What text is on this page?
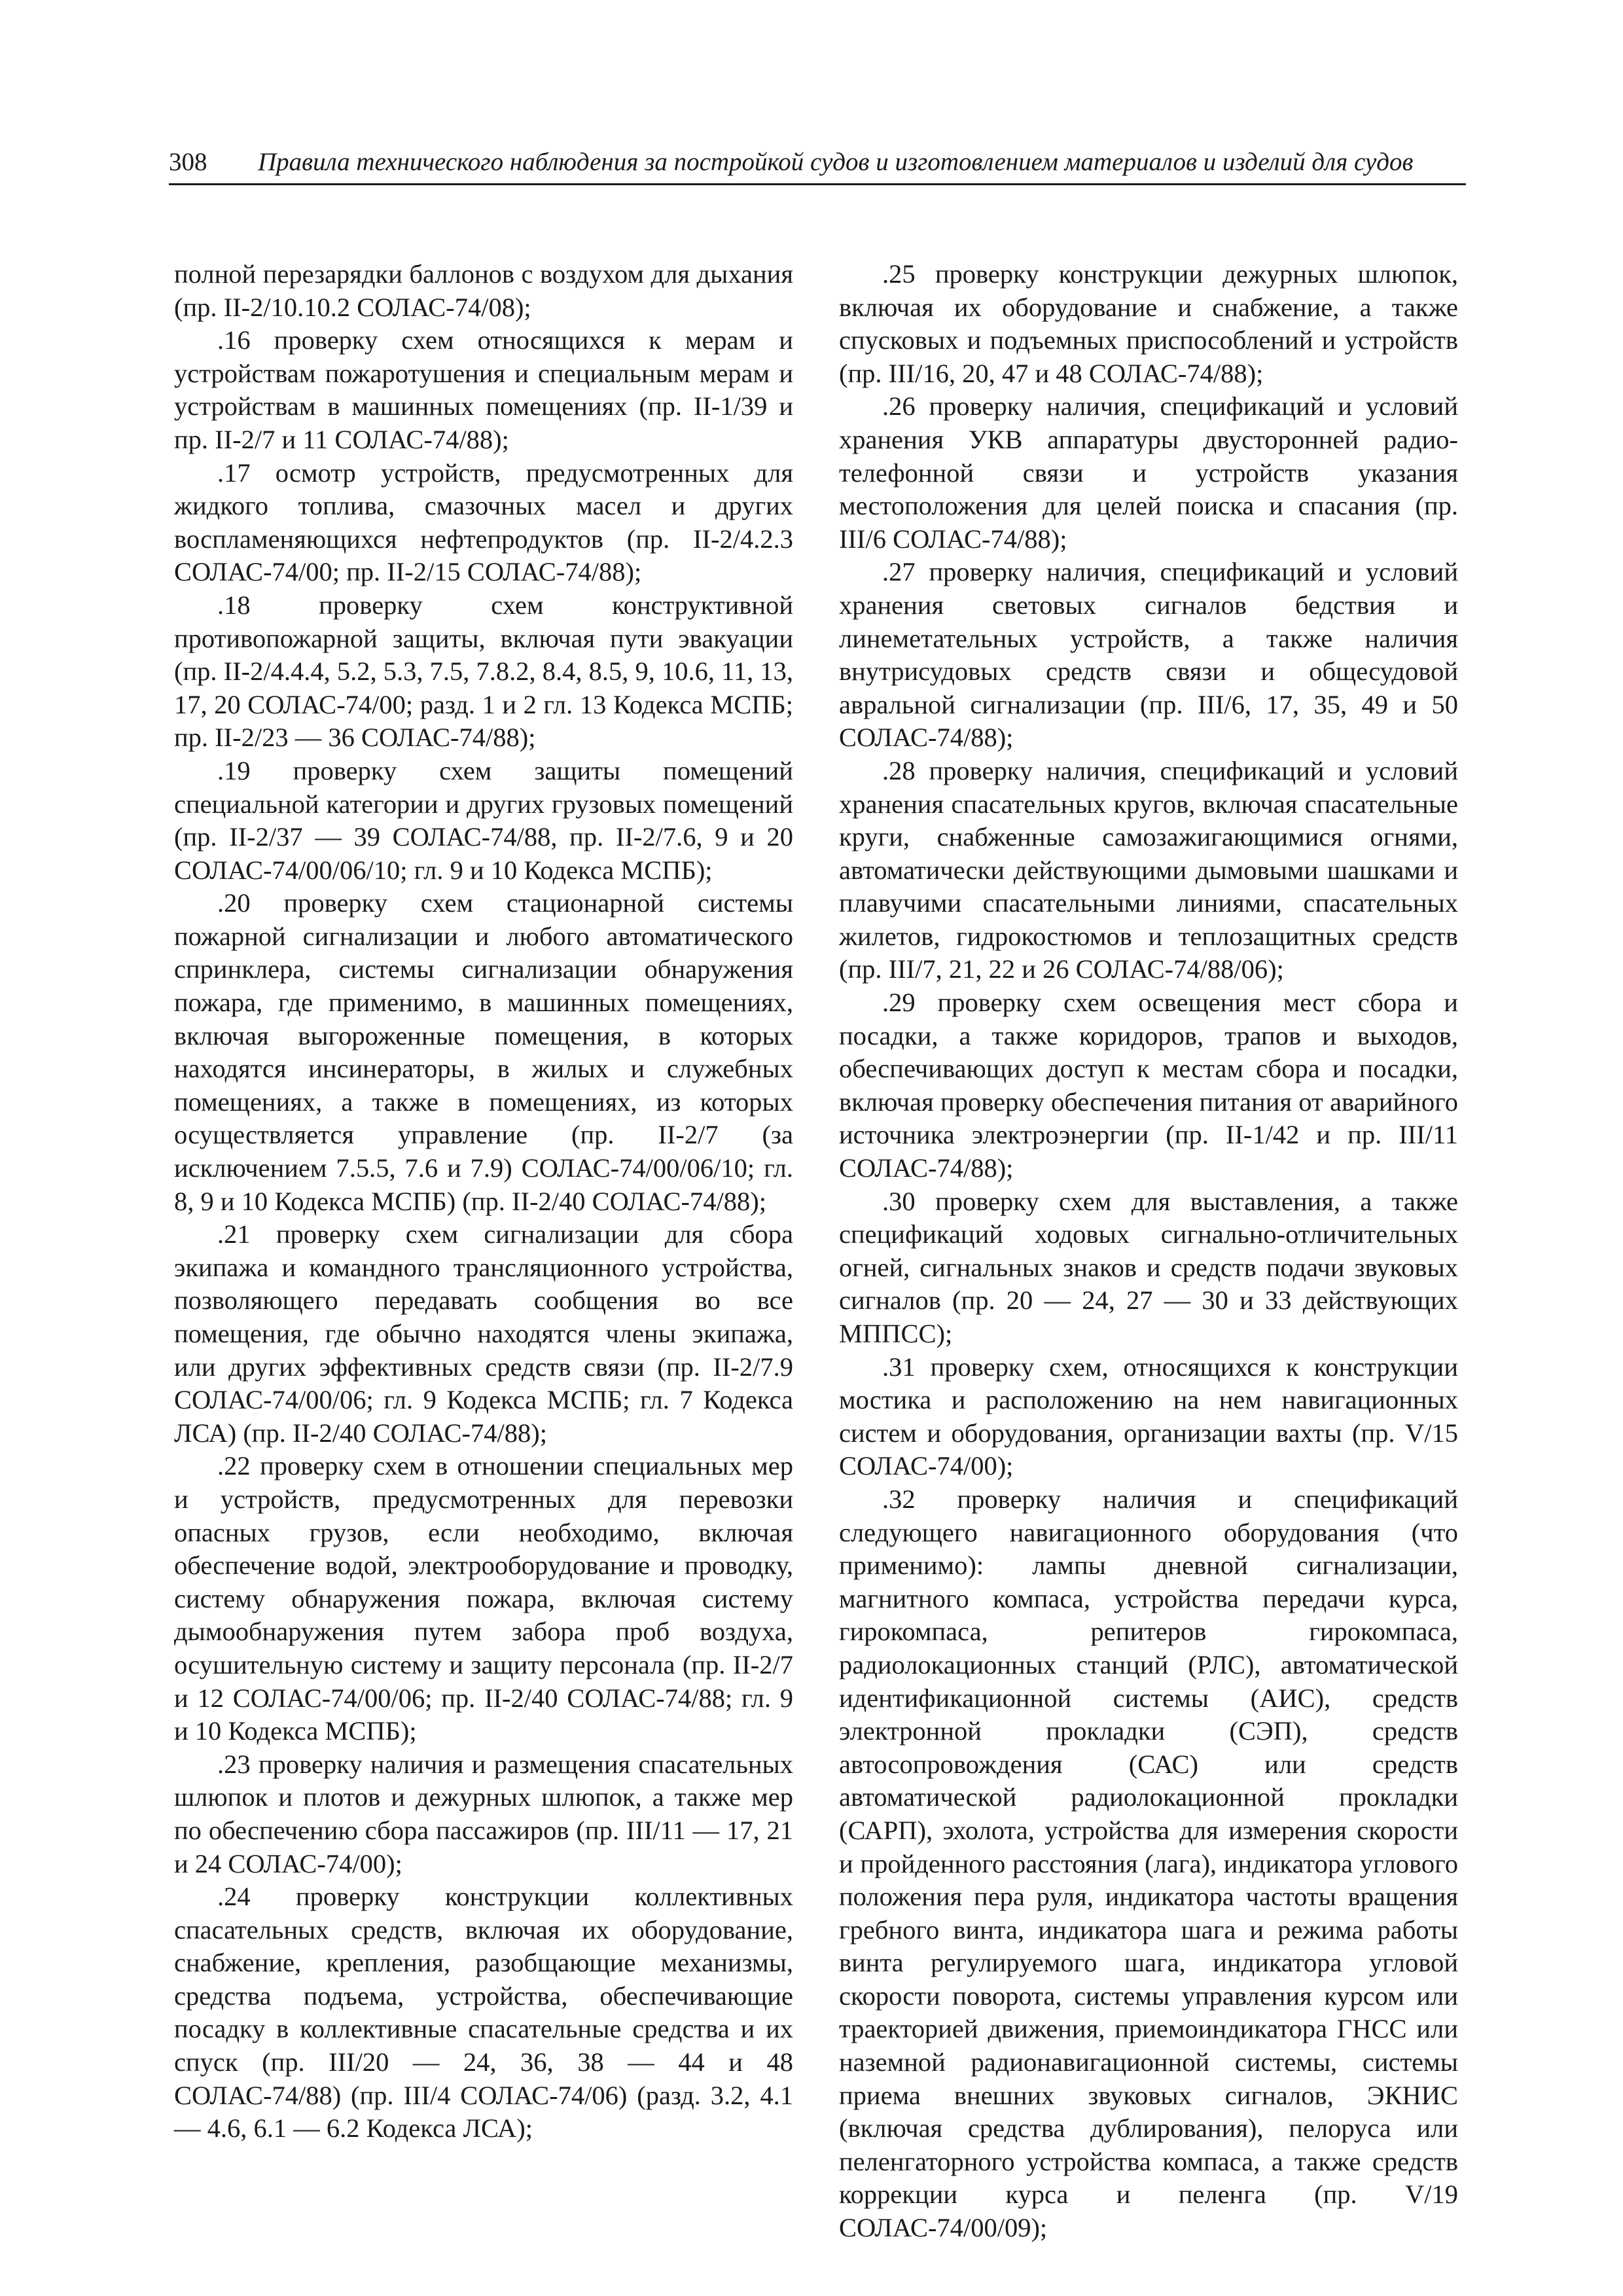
308 Правила технического наблюдения за постройкой судов и изготовлением материалов и изделий для судов

полной перезарядки баллонов с воздухом для дыхания (пр. II-2/10.10.2 СОЛАС-74/08);

.16 проверку схем относящихся к мерам и устройствам пожаротушения и специальным мерам и устройствам в машинных помещениях (пр. II-1/39 и пр. II-2/7 и 11 СОЛАС-74/88);

.17 осмотр устройств, предусмотренных для жидкого топлива, смазочных масел и других воспламеняющихся нефтепродуктов (пр. II-2/4.2.3 СОЛАС-74/00; пр. II-2/15 СОЛАС-74/88);

.18 проверку схем конструктивной противопожарной защиты, включая пути эвакуации (пр. II-2/4.4.4, 5.2, 5.3, 7.5, 7.8.2, 8.4, 8.5, 9, 10.6, 11, 13, 17, 20 СОЛАС-74/00; разд. 1 и 2 гл. 13 Кодекса МСПБ; пр. II-2/23 — 36 СОЛАС-74/88);

.19 проверку схем защиты помещений специальной категории и других грузовых помещений (пр. II-2/37 — 39 СОЛАС-74/88, пр. II-2/7.6, 9 и 20 СОЛАС-74/00/06/10; гл. 9 и 10 Кодекса МСПБ);

.20 проверку схем стационарной системы пожарной сигнализации и любого автоматического спринклера, системы сигнализации обнаружения пожара, где применимо, в машинных помещениях, включая выгороженные помещения, в которых находятся инсинераторы, в жилых и служебных помещениях, а также в помещениях, из которых осуществляется управление (пр. II-2/7 (за исключением 7.5.5, 7.6 и 7.9) СОЛАС-74/00/06/10; гл. 8, 9 и 10 Кодекса МСПБ) (пр. II-2/40 СОЛАС-74/88);

.21 проверку схем сигнализации для сбора экипажа и командного трансляционного устройства, позволяющего передавать сообщения во все помещения, где обычно находятся члены экипажа, или других эффективных средств связи (пр. II-2/7.9 СОЛАС-74/00/06; гл. 9 Кодекса МСПБ; гл. 7 Кодекса ЛСА) (пр. II-2/40 СОЛАС-74/88);

.22 проверку схем в отношении специальных мер и устройств, предусмотренных для перевозки опасных грузов, если необходимо, включая обеспечение водой, электрооборудование и проводку, систему обнаружения пожара, включая систему дымообнаружения путем забора проб воздуха, осушительную систему и защиту персонала (пр. II-2/7 и 12 СОЛАС-74/00/06; пр. II-2/40 СОЛАС-74/88; гл. 9 и 10 Кодекса МСПБ);

.23 проверку наличия и размещения спасательных шлюпок и плотов и дежурных шлюпок, а также мер по обеспечению сбора пассажиров (пр. III/11 — 17, 21 и 24 СОЛАС-74/00);

.24 проверку конструкции коллективных спасательных средств, включая их оборудование, снабжение, крепления, разобщающие механизмы, средства подъема, устройства, обеспечивающие посадку в коллективные спасательные средства и их спуск (пр. III/20 — 24, 36, 38 — 44 и 48 СОЛАС-74/88) (пр. III/4 СОЛАС-74/06) (разд. 3.2, 4.1 — 4.6, 6.1 — 6.2 Кодекса ЛСА);

.25 проверку конструкции дежурных шлюпок, включая их оборудование и снабжение, а также спусковых и подъемных приспособлений и устройств (пр. III/16, 20, 47 и 48 СОЛАС-74/88);

.26 проверку наличия, спецификаций и условий хранения УКВ аппаратуры двусторонней радио-телефонной связи и устройств указания местоположения для целей поиска и спасания (пр. III/6 СОЛАС-74/88);

.27 проверку наличия, спецификаций и условий хранения световых сигналов бедствия и линеметательных устройств, а также наличия внутрисудовых средств связи и общесудовой авральной сигнализации (пр. III/6, 17, 35, 49 и 50 СОЛАС-74/88);

.28 проверку наличия, спецификаций и условий хранения спасательных кругов, включая спасательные круги, снабженные самозажигающимися огнями, автоматически действующими дымовыми шашками и плавучими спасательными линиями, спасательных жилетов, гидрокостюмов и теплозащитных средств (пр. III/7, 21, 22 и 26 СОЛАС-74/88/06);

.29 проверку схем освещения мест сбора и посадки, а также коридоров, трапов и выходов, обеспечивающих доступ к местам сбора и посадки, включая проверку обеспечения питания от аварийного источника электроэнергии (пр. II-1/42 и пр. III/11 СОЛАС-74/88);

.30 проверку схем для выставления, а также спецификаций ходовых сигнально-отличительных огней, сигнальных знаков и средств подачи звуковых сигналов (пр. 20 — 24, 27 — 30 и 33 действующих МППСС);

.31 проверку схем, относящихся к конструкции мостика и расположению на нем навигационных систем и оборудования, организации вахты (пр. V/15 СОЛАС-74/00);

.32 проверку наличия и спецификаций следующего навигационного оборудования (что применимо): лампы дневной сигнализации, магнитного компаса, устройства передачи курса, гирокомпаса, репитеров гирокомпаса, радиолокационных станций (РЛС), автоматической идентификационной системы (АИС), средств электронной прокладки (СЭП), средств автосопровождения (САС) или средств автоматической радиолокационной прокладки (САРП), эхолота, устройства для измерения скорости и пройденного расстояния (лага), индикатора углового положения пера руля, индикатора частоты вращения гребного винта, индикатора шага и режима работы винта регулируемого шага, индикатора угловой скорости поворота, системы управления курсом или траекторией движения, приемоиндикатора ГНСС или наземной радионавигационной системы, системы приема внешних звуковых сигналов, ЭКНИС (включая средства дублирования), пелоруса или пеленгаторного устройства компаса, а также средств коррекции курса и пеленга (пр. V/19 СОЛАС-74/00/09);
